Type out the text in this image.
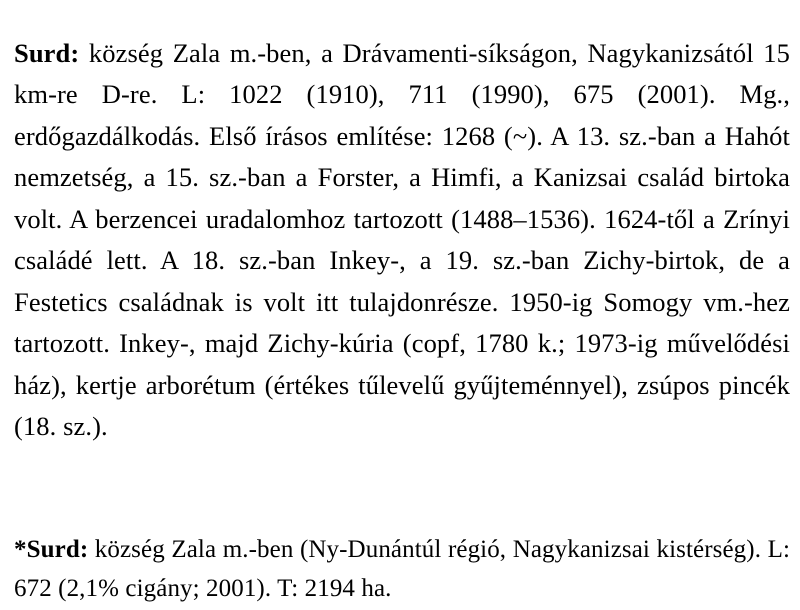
Surd: község Zala m.-ben, a Drávamenti-síkságon, Nagykanizsától 15 km-re D-re. L: 1022 (1910), 711 (1990), 675 (2001). Mg., erdőgazdálkodás. Első írásos említése: 1268 (~). A 13. sz.-ban a Hahót nemzetség, a 15. sz.-ban a Forster, a Himfi, a Kanizsai család birtoka volt. A berzencei uradalomhoz tartozott (1488–1536). 1624-től a Zrínyi családé lett. A 18. sz.-ban Inkey-, a 19. sz.-ban Zichy-birtok, de a Festetics családnak is volt itt tulajdonrésze. 1950-ig Somogy vm.-hez tartozott. Inkey-, majd Zichy-kúria (copf, 1780 k.; 1973-ig művelődési ház), kertje arborétum (értékes tűlevelű gyűjteménnyel), zsúpos pincék (18. sz.).

*Surd: község Zala m.-ben (Ny-Dunántúl régió, Nagykanizsai kistérség). L: 672 (2,1% cigány; 2001). T: 2194 ha.
